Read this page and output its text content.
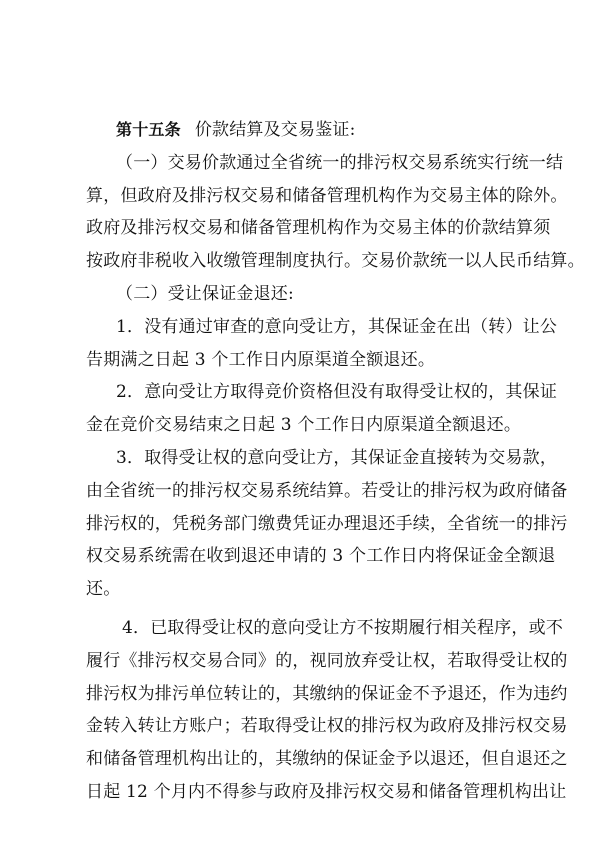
第十五条 价款结算及交易鉴证:
（一）交易价款通过全省统一的排污权交易系统实行统一结
算，但政府及排污权交易和储备管理机构作为交易主体的除外。
政府及排污权交易和储备管理机构作为交易主体的价款结算须
按政府非税收入收缴管理制度执行。交易价款统一以人民币结算。
（二）受让保证金退还:
1．没有通过审查的意向受让方，其保证金在出（转）让公
告期满之日起 3 个工作日内原渠道全额退还。
2．意向受让方取得竞价资格但没有取得受让权的，其保证
金在竞价交易结束之日起 3 个工作日内原渠道全额退还。
3．取得受让权的意向受让方，其保证金直接转为交易款，
由全省统一的排污权交易系统结算。若受让的排污权为政府储备
排污权的，凭税务部门缴费凭证办理退还手续，全省统一的排污
权交易系统需在收到退还申请的 3 个工作日内将保证金全额退
还。
4．已取得受让权的意向受让方不按期履行相关程序，或不
履行《排污权交易合同》的，视同放弃受让权，若取得受让权的
排污权为排污单位转让的，其缴纳的保证金不予退还，作为违约
金转入转让方账户；若取得受让权的排污权为政府及排污权交易
和储备管理机构出让的，其缴纳的保证金予以退还，但自退还之
日起 12 个月内不得参与政府及排污权交易和储备管理机构出让
